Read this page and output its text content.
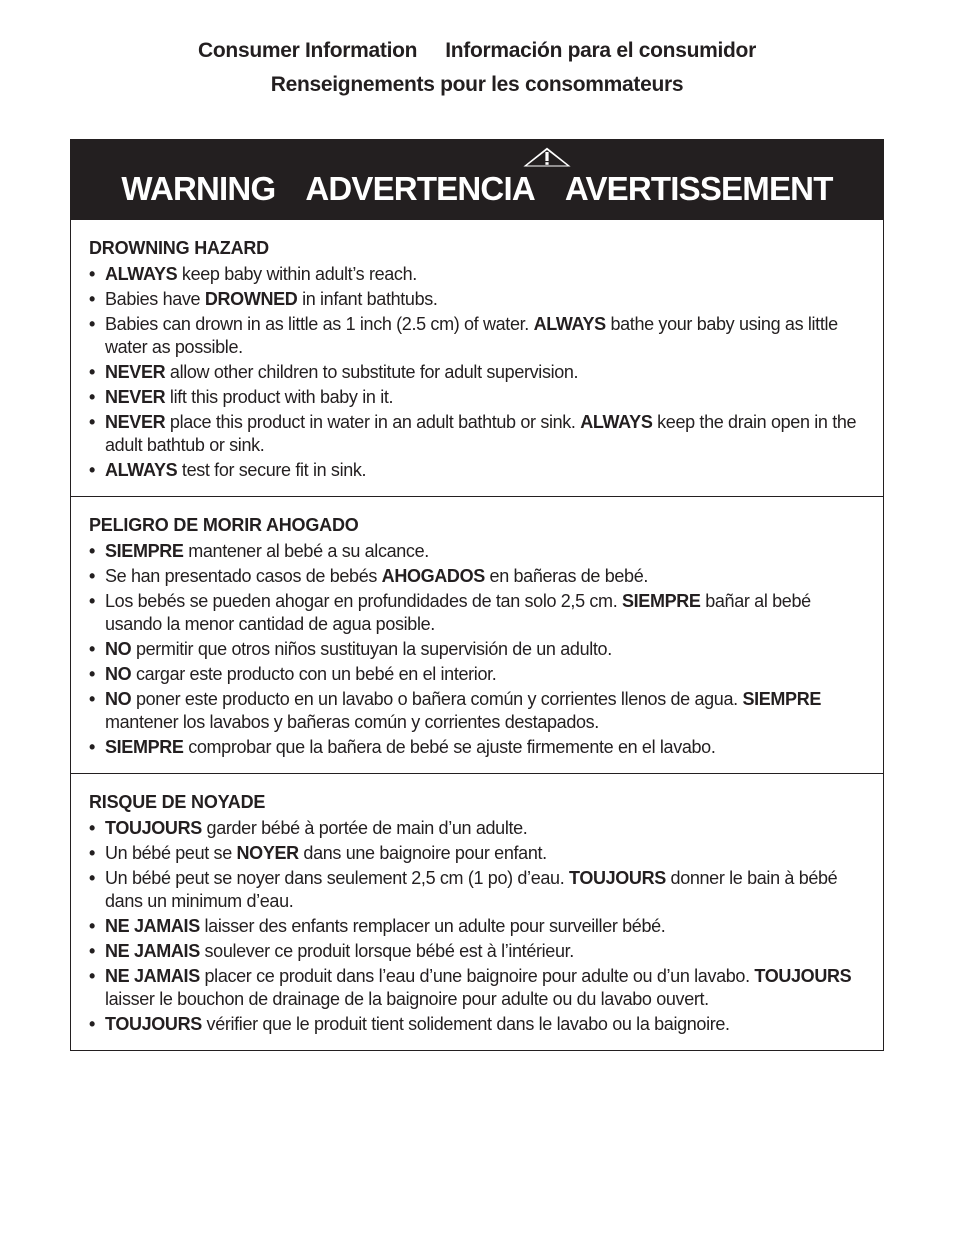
Consumer Information Información para el consumidor
Renseignements pour les consommateurs
WARNING ADVERTENCIA AVERTISSEMENT
DROWNING HAZARD
• ALWAYS keep baby within adult’s reach.
• Babies have DROWNED in infant bathtubs.
• Babies can drown in as little as 1 inch (2.5 cm) of water. ALWAYS bathe your baby using as little water as possible.
• NEVER allow other children to substitute for adult supervision.
• NEVER lift this product with baby in it.
• NEVER place this product in water in an adult bathtub or sink. ALWAYS keep the drain open in the adult bathtub or sink.
• ALWAYS test for secure fit in sink.
PELIGRO DE MORIR AHOGADO
• SIEMPRE mantener al bebé a su alcance.
• Se han presentado casos de bebés AHOGADOS en bañeras de bebé.
• Los bebés se pueden ahogar en profundidades de tan solo 2,5 cm. SIEMPRE bañar al bebé usando la menor cantidad de agua posible.
• NO permitir que otros niños sustituyan la supervisión de un adulto.
• NO cargar este producto con un bebé en el interior.
• NO poner este producto en un lavabo o bañera común y corrientes llenos de agua. SIEMPRE mantener los lavabos y bañeras común y corrientes destapados.
• SIEMPRE comprobar que la bañera de bebé se ajuste firmemente en el lavabo.
RISQUE DE NOYADE
• TOUJOURS garder bébé à portée de main d’un adulte.
• Un bébé peut se NOYER dans une baignoire pour enfant.
• Un bébé peut se noyer dans seulement 2,5 cm (1 po) d’eau. TOUJOURS donner le bain à bébé dans un minimum d’eau.
• NE JAMAIS laisser des enfants remplacer un adulte pour surveiller bébé.
• NE JAMAIS soulever ce produit lorsque bébé est à l’intérieur.
• NE JAMAIS placer ce produit dans l’eau d’une baignoire pour adulte ou d’un lavabo. TOUJOURS laisser le bouchon de drainage de la baignoire pour adulte ou du lavabo ouvert.
• TOUJOURS vérifier que le produit tient solidement dans le lavabo ou la baignoire.
